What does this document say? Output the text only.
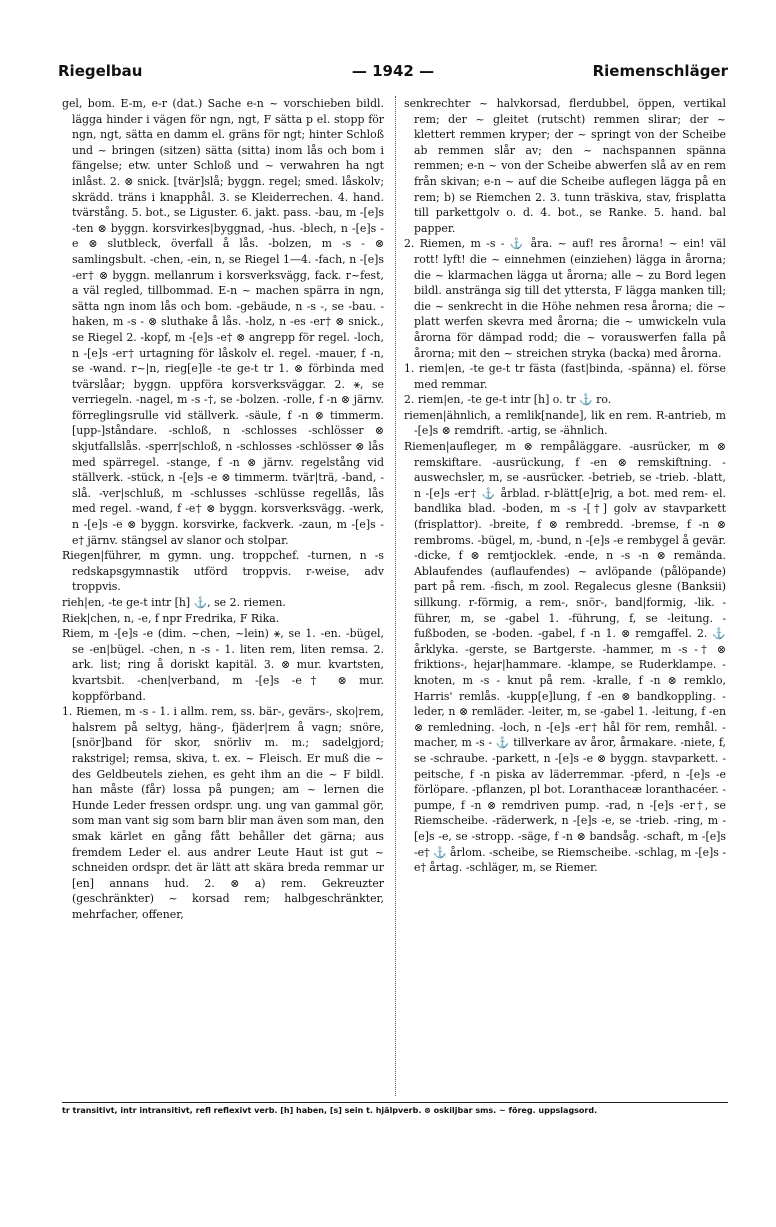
Riegelbau	— 1942 —	Riemenschläger

gel, bom. E-m, e-r (dat.) Sache e-n ~ vorschieben bildl. lägga hinder i vägen för ngn, ngt, F sätta p el. stopp för ngn, ngt, sätta en damm el. gräns för ngt; hinter Schloß und ~ bringen (sitzen) sätta (sitta) inom lås och bom i fängelse; etw. unter Schloß und ~ verwahren ha ngt inlåst. 2. ⊗ snick. [tvär]slå; byggn. regel; smed. låskolv; skrädd. träns i knapphål. 3. se Kleiderrechen. 4. hand. tvärstång. 5. bot., se Liguster. 6. jakt. pass. -bau, m -[e]s -ten ⊗ byggn. korsvirkes|byggnad, -hus. -blech, n -[e]s -e ⊗ slutbleck, överfall å lås. -bolzen, m -s - ⊗ samlingsbult. -chen, -ein, n, se Riegel 1—4. -fach, n -[e]s -er† ⊗ byggn. mellanrum i korsverksvägg, fack. r~fest, a väl regled, tillbommad. E-n ~ machen spärra in ngn, sätta ngn inom lås och bom. -gebäude, n -s -, se -bau. -haken, m -s - ⊗ sluthake å lås. -holz, n -es -er† ⊗ snick., se Riegel 2. -kopf, m -[e]s -e† ⊗ angrepp för regel. -loch, n -[e]s -er† urtagning för låskolv el. regel. -mauer, f -n, se -wand. r~|n, rieg[e]le -te ge-t tr 1. ⊗ förbinda med tvärslåar; byggn. uppföra korsverksväggar. 2. ⚹, se verriegeln. -nagel, m -s -†, se -bolzen. -rolle, f -n ⊗ järnv. förreglingsrulle vid ställverk. -säule, f -n ⊗ timmerm. [upp-]ståndare. -schloß, n -schlosses -schlösser ⊗ skjutfallslås. -sperr|schloß, n -schlosses -schlösser ⊗ lås med spärregel. -stange, f -n ⊗ järnv. regelstång vid ställverk. -stück, n -[e]s -e ⊗ timmerm. tvär|trä, -band, -slå. -ver|schluß, m -schlusses -schlüsse regellås, lås med regel. -wand, f -e† ⊗ byggn. korsverksvägg. -werk, n -[e]s -e ⊗ byggn. korsvirke, fackverk. -zaun, m -[e]s -e† järnv. stängsel av slanor och stolpar.

Riegen|führer, m gymn. ung. troppchef. -turnen, n -s redskapsgymnastik utförd troppvis. r-weise, adv troppvis.

rieh|en, -te ge-t intr [h] ⚓, se 2. riemen.

Riek|chen, n, -e, f npr Fredrika, F Rika.

Riem, m -[e]s -e (dim. ~chen, ~lein) ⚹, se 1. -en. -bügel, se -en|bügel. -chen, n -s - 1. liten rem, liten remsa. 2. ark. list; ring å doriskt kapitäl. 3. ⊗ mur. kvartsten, kvartsbit. -chen|verband, m -[e]s -e† ⊗ mur. koppförband.

1. Riemen, m -s - 1. i allm. rem, ss. bär-, gevärs-, sko|rem, halsrem på seltyg, häng-, fjäder|rem å vagn; snöre, [snör]band för skor, snörliv m. m.; sadelgjord; rakstrigel; remsa, skiva, t. ex. ~ Fleisch. Er muß die ~ des Geldbeutels ziehen, es geht ihm an die ~ F bildl. han måste (får) lossa på pungen; am ~ lernen die Hunde Leder fressen ordspr. ung. ung van gammal gör, som man vant sig som barn blir man även som man, den smak kärlet en gång fått behåller det gärna; aus fremdem Leder el. aus andrer Leute Haut ist gut ~ schneiden ordspr. det är lätt att skära breda remmar ur [en] annans hud. 2. ⊗ a) rem. Gekreuzter (geschränkter) ~ korsad rem; halbgeschränkter, mehrfacher, offener,

senkrechter ~ halvkorsad, flerdubbel, öppen, vertikal rem; der ~ gleitet (rutscht) remmen slirar; der ~ klettert remmen kryper; der ~ springt von der Scheibe ab remmen slår av; den ~ nachspannen spänna remmen; e-n ~ von der Scheibe abwerfen slå av en rem från skivan; e-n ~ auf die Scheibe auflegen lägga på en rem; b) se Riemchen 2. 3. tunn träskiva, stav, frisplatta till parkettgolv o. d. 4. bot., se Ranke. 5. hand. bal papper.

2. Riemen, m -s - ⚓ åra. ~ auf! res årorna! ~ ein! väl rott! lyft! die ~ einnehmen (einziehen) lägga in årorna; die ~ klarmachen lägga ut årorna; alle ~ zu Bord legen bildl. anstränga sig till det yttersta, F lägga manken till; die ~ senkrecht in die Höhe nehmen resa årorna; die ~ platt werfen skevra med årorna; die ~ umwickeln vula årorna för dämpad rodd; die ~ vorauswerfen falla på årorna; mit den ~ streichen stryka (backa) med årorna.

1. riem|en, -te ge-t tr fästa (fast|binda, -spänna) el. förse med remmar.

2. riem|en, -te ge-t intr [h] o. tr ⚓ ro.

riemen|ähnlich, a remlik[nande], lik en rem. R-antrieb, m -[e]s ⊗ remdrift. -artig, se -ähnlich.

Riemen|aufleger, m ⊗ rempåläggare. -ausrücker, m ⊗ remskiftare. -ausrückung, f -en ⊗ remskiftning. -auswechsler, m, se -ausrücker. -betrieb, se -trieb. -blatt, n -[e]s -er† ⚓ årblad. r-blätt[e]rig, a bot. med rem- el. bandlika blad. -boden, m -s -[†] golv av stavparkett (frisplattor). -breite, f ⊗ rembredd. -bremse, f -n ⊗ rembroms. -bügel, m, -bund, n -[e]s -e rembygel å gevär. -dicke, f ⊗ remtjocklek. -ende, n -s -n ⊗ remända. Ablaufendes (auflaufendes) ~ avlöpande (pålöpande) part på rem. -fisch, m zool. Regalecus glesne (Banksii) sillkung. r-förmig, a rem-, snör-, band|formig, -lik. -führer, m, se -gabel 1. -führung, f, se -leitung. -fußboden, se -boden. -gabel, f -n 1. ⊗ remgaffel. 2. ⚓ årklyka. -gerste, se Bartgerste. -hammer, m -s -† ⊗ friktions-, hejar|hammare. -klampe, se Ruderklampe. -knoten, m -s - knut på rem. -kralle, f -n ⊗ remklo, Harris' remlås. -kupp[e]lung, f -en ⊗ bandkoppling. -leder, n ⊗ remläder. -leiter, m, se -gabel 1. -leitung, f -en ⊗ remledning. -loch, n -[e]s -er† hål för rem, remhål. -macher, m -s - ⚓ tillverkare av åror, årmakare. -niete, f, se -schraube. -parkett, n -[e]s -e ⊗ byggn. stavparkett. -peitsche, f -n piska av läderremmar. -pferd, n -[e]s -e förlöpare. -pflanzen, pl bot. Loranthaceæ loranthacéer. -pumpe, f -n ⊗ remdriven pump. -rad, n -[e]s -er†, se Riemscheibe. -räderwerk, n -[e]s -e, se -trieb. -ring, m -[e]s -e, se -stropp. -säge, f -n ⊗ bandsåg. -schaft, m -[e]s -e† ⚓ årlom. -scheibe, se Riemscheibe. -schlag, m -[e]s -e† årtag. -schläger, m, se Riemer.

tr transitivt, intr intransitivt, refl reflexivt verb. [h] haben, [s] sein t. hjälpverb. ⊗ oskiljbar sms. ~ föreg. uppslagsord.
